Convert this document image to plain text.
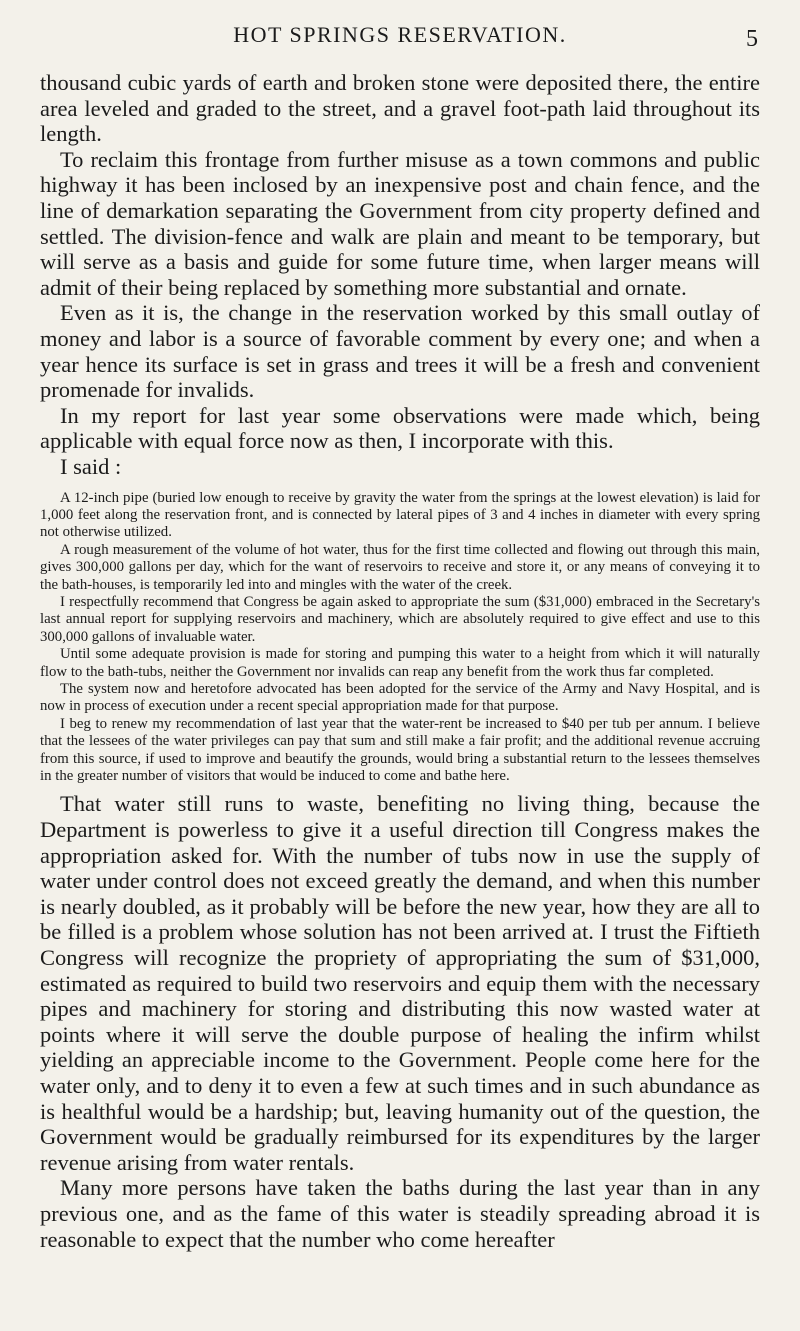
HOT SPRINGS RESERVATION.	5

thousand cubic yards of earth and broken stone were deposited there, the entire area leveled and graded to the street, and a gravel foot-path laid throughout its length.

To reclaim this frontage from further misuse as a town commons and public highway it has been inclosed by an inexpensive post and chain fence, and the line of demarkation separating the Government from city property defined and settled. The division-fence and walk are plain and meant to be temporary, but will serve as a basis and guide for some future time, when larger means will admit of their being replaced by something more substantial and ornate.

Even as it is, the change in the reservation worked by this small outlay of money and labor is a source of favorable comment by every one; and when a year hence its surface is set in grass and trees it will be a fresh and convenient promenade for invalids.

In my report for last year some observations were made which, being applicable with equal force now as then, I incorporate with this.

I said :

A 12-inch pipe (buried low enough to receive by gravity the water from the springs at the lowest elevation) is laid for 1,000 feet along the reservation front, and is connected by lateral pipes of 3 and 4 inches in diameter with every spring not otherwise utilized.

A rough measurement of the volume of hot water, thus for the first time collected and flowing out through this main, gives 300,000 gallons per day, which for the want of reservoirs to receive and store it, or any means of conveying it to the bath-houses, is temporarily led into and mingles with the water of the creek.

I respectfully recommend that Congress be again asked to appropriate the sum ($31,000) embraced in the Secretary's last annual report for supplying reservoirs and machinery, which are absolutely required to give effect and use to this 300,000 gallons of invaluable water.

Until some adequate provision is made for storing and pumping this water to a height from which it will naturally flow to the bath-tubs, neither the Government nor invalids can reap any benefit from the work thus far completed.

The system now and heretofore advocated has been adopted for the service of the Army and Navy Hospital, and is now in process of execution under a recent special appropriation made for that purpose.

I beg to renew my recommendation of last year that the water-rent be increased to $40 per tub per annum. I believe that the lessees of the water privileges can pay that sum and still make a fair profit; and the additional revenue accruing from this source, if used to improve and beautify the grounds, would bring a substantial return to the lessees themselves in the greater number of visitors that would be induced to come and bathe here.

That water still runs to waste, benefiting no living thing, because the Department is powerless to give it a useful direction till Congress makes the appropriation asked for. With the number of tubs now in use the supply of water under control does not exceed greatly the demand, and when this number is nearly doubled, as it probably will be before the new year, how they are all to be filled is a problem whose solution has not been arrived at. I trust the Fiftieth Congress will recognize the propriety of appropriating the sum of $31,000, estimated as required to build two reservoirs and equip them with the necessary pipes and machinery for storing and distributing this now wasted water at points where it will serve the double purpose of healing the infirm whilst yielding an appreciable income to the Government. People come here for the water only, and to deny it to even a few at such times and in such abundance as is healthful would be a hardship; but, leaving humanity out of the question, the Government would be gradually reimbursed for its expenditures by the larger revenue arising from water rentals.

Many more persons have taken the baths during the last year than in any previous one, and as the fame of this water is steadily spreading abroad it is reasonable to expect that the number who come hereafter
